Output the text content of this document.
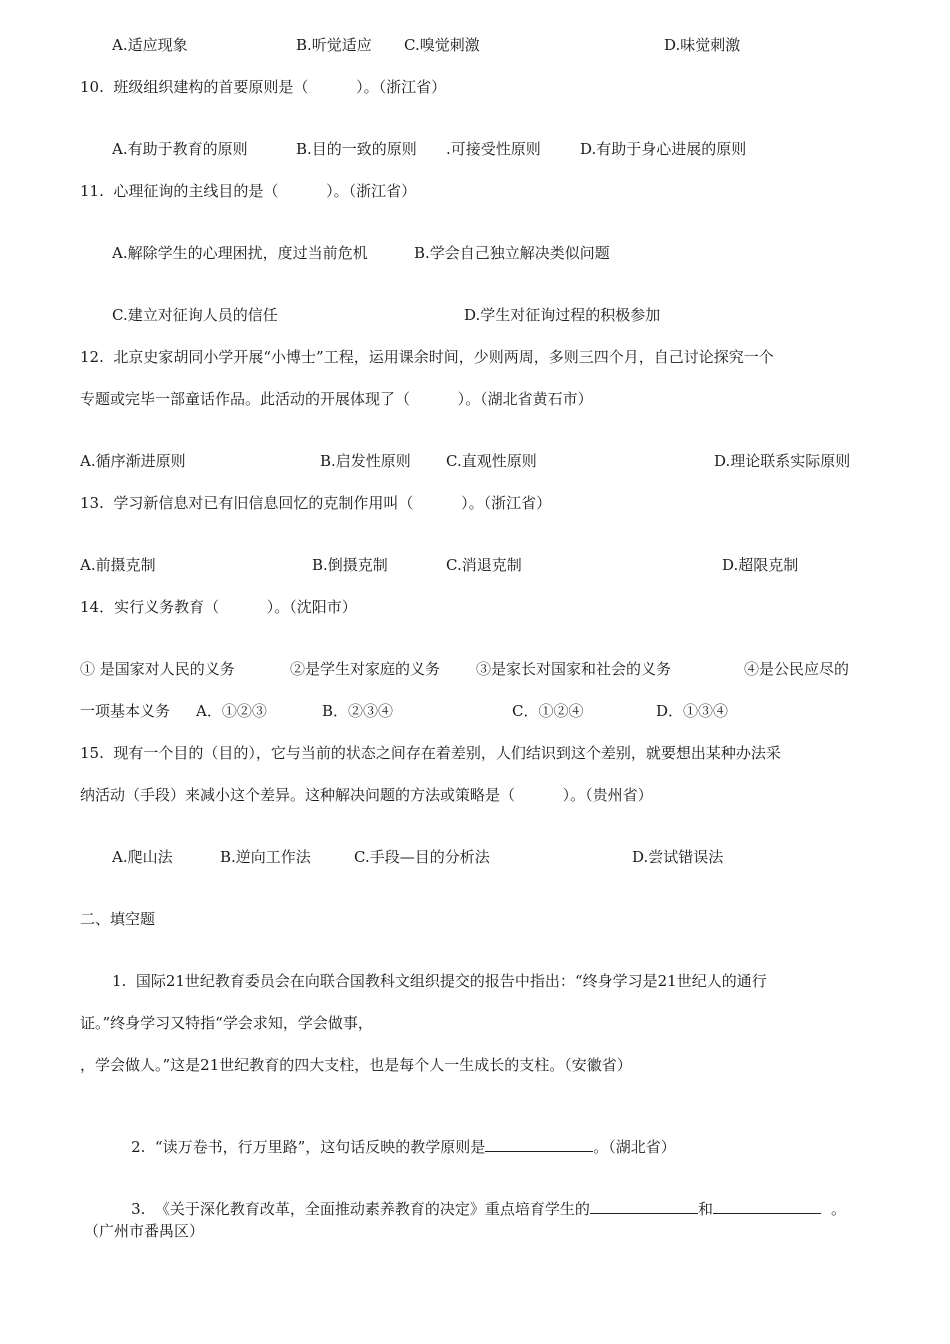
A.适应现象	B.听觉适应 C.嗅觉刺激	D.味觉刺激
10.  班级组织建构的首要原则是（          ）。（浙江省）
A.有助于教育的原则	B.目的一致的原则 .可接受性原则	D.有助于身心进展的原则
11.  心理征询的主线目的是（          ）。（浙江省）
A.解除学生的心理困扰，度过当前危机	B.学会自己独立解决类似问题
C.建立对征询人员的信任	D.学生对征询过程的积极参加
12.  北京史家胡同小学开展“小博士”工程，运用课余时间，少则两周，多则三四个月，自己讨论探究一个
专题或完毕一部童话作品。此活动的开展体现了（          ）。（湖北省黄石市）
A.循序渐进原则	B.启发性原则 C.直观性原则	D.理论联系实际原则
13.  学习新信息对已有旧信息回忆的克制作用叫（          ）。（浙江省）
A.前摄克制	B.倒摄克制	C.消退克制	D.超限克制
14．实行义务教育（          ）。（沈阳市）
① 是国家对人民的义务	②是学生对家庭的义务 ③是家长对国家和社会的义务	④是公民应尽的
一项基本义务 A．①②③	B．②③④	C．①②④	D．①③④
15.  现有一个目的（目的），它与当前的状态之间存在着差别，人们结识到这个差别，就要想出某种办法采
纳活动（手段）来减小这个差异。这种解决问题的方法或策略是（          ）。（贵州省）
A.爬山法	B.逆向工作法	C.手段—目的分析法	D.尝试错误法
二、填空题
1.  国际21世纪教育委员会在向联合国教科文组织提交的报告中指出：“终身学习是21世纪人的通行
证。”终身学习又特指“学会求知，学会做事，
，学会做人。”这是21世纪教育的四大支柱，也是每个人一生成长的支柱。（安徽省）

2.  “读万卷书，行万里路”，这句话反映的教学原则是	。（湖北省）

3.  《关于深化教育改革，全面推动素养教育的决定》重点培育学生的	和	。

（广州市番禺区）
